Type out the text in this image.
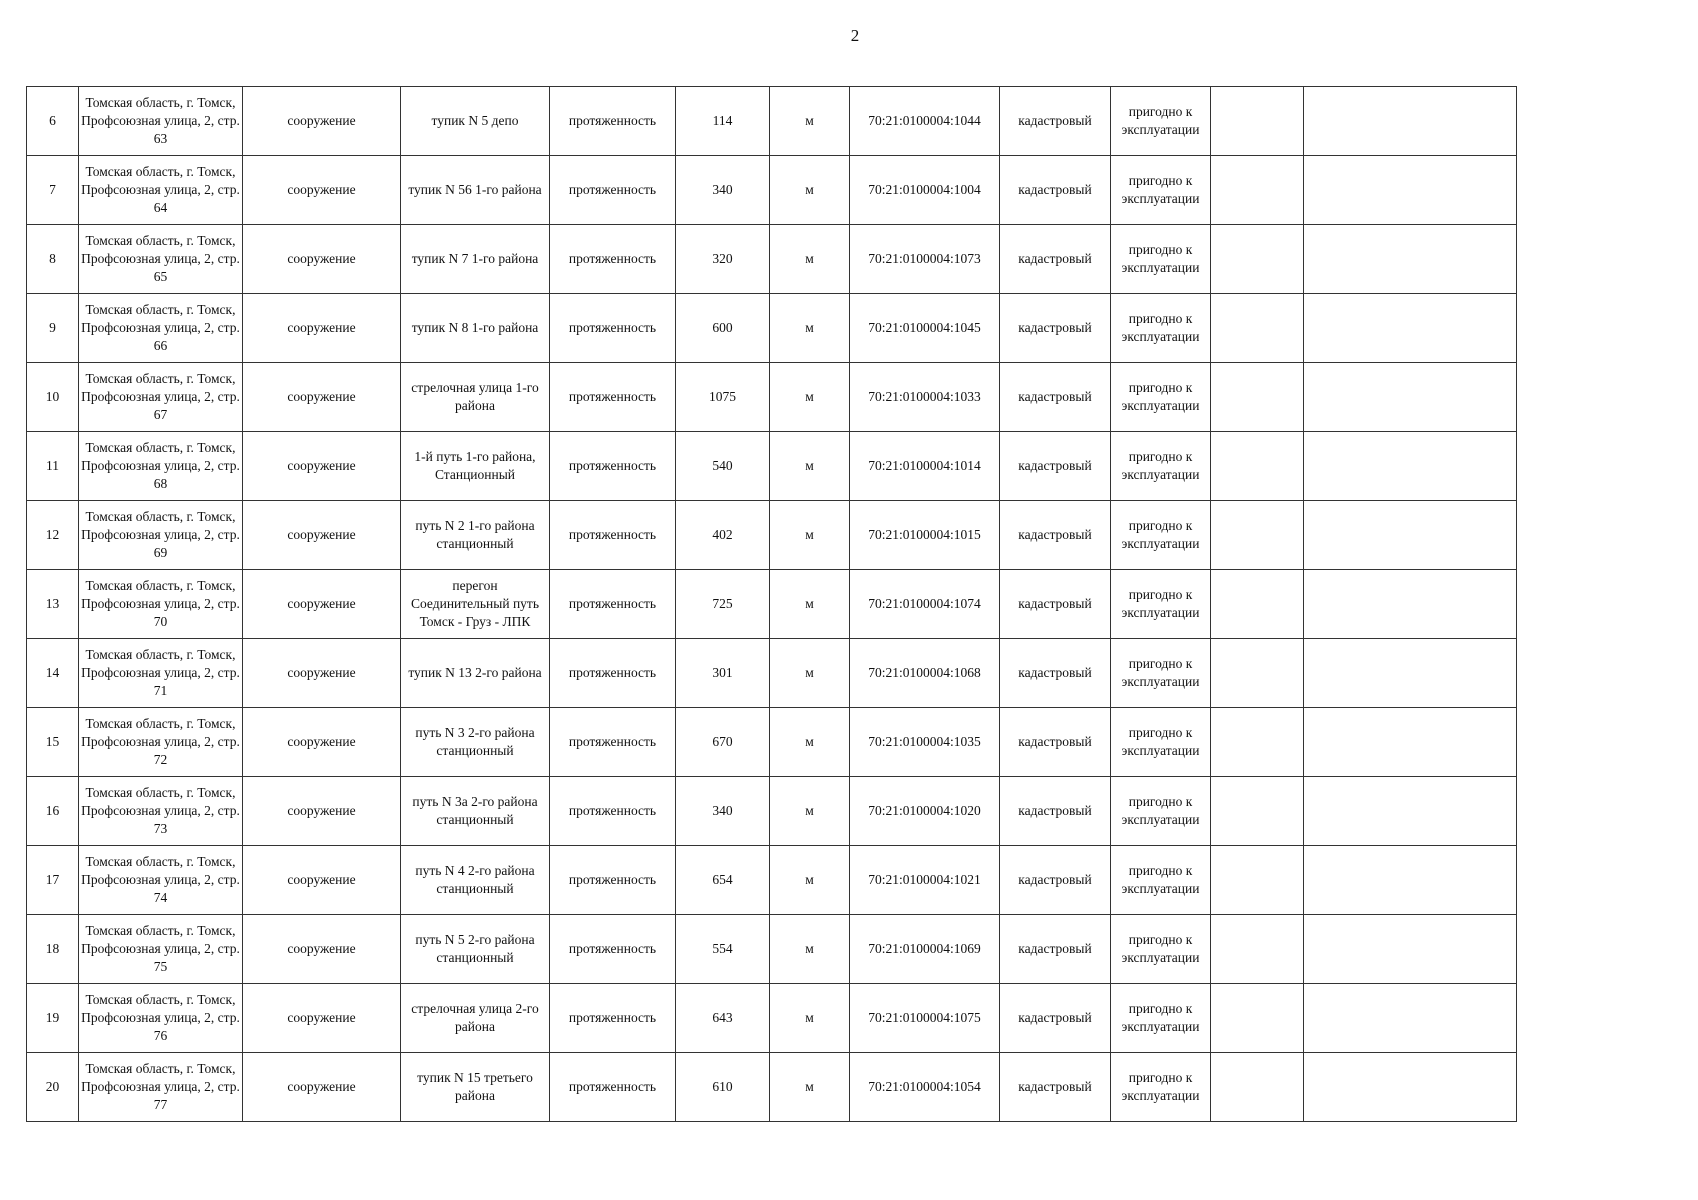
2
6	Томская область, г. Томск, Профсоюзная улица, 2, стр. 63	сооружение	тупик N 5 депо	протяженность	114	м	70:21:0100004:1044	кадастровый	пригодно к эксплуатации		
7	Томская область, г. Томск, Профсоюзная улица, 2, стр. 64	сооружение	тупик N 56 1-го района	протяженность	340	м	70:21:0100004:1004	кадастровый	пригодно к эксплуатации		
8	Томская область, г. Томск, Профсоюзная улица, 2, стр. 65	сооружение	тупик N 7 1-го района	протяженность	320	м	70:21:0100004:1073	кадастровый	пригодно к эксплуатации		
9	Томская область, г. Томск, Профсоюзная улица, 2, стр. 66	сооружение	тупик N 8 1-го района	протяженность	600	м	70:21:0100004:1045	кадастровый	пригодно к эксплуатации		
10	Томская область, г. Томск, Профсоюзная улица, 2, стр. 67	сооружение	стрелочная улица 1-го района	протяженность	1075	м	70:21:0100004:1033	кадастровый	пригодно к эксплуатации		
11	Томская область, г. Томск, Профсоюзная улица, 2, стр. 68	сооружение	1-й путь 1-го района, Станционный	протяженность	540	м	70:21:0100004:1014	кадастровый	пригодно к эксплуатации		
12	Томская область, г. Томск, Профсоюзная улица, 2, стр. 69	сооружение	путь N 2 1-го района станционный	протяженность	402	м	70:21:0100004:1015	кадастровый	пригодно к эксплуатации		
13	Томская область, г. Томск, Профсоюзная улица, 2, стр. 70	сооружение	перегон Соединительный путь Томск - Груз - ЛПК	протяженность	725	м	70:21:0100004:1074	кадастровый	пригодно к эксплуатации		
14	Томская область, г. Томск, Профсоюзная улица, 2, стр. 71	сооружение	тупик N 13 2-го района	протяженность	301	м	70:21:0100004:1068	кадастровый	пригодно к эксплуатации		
15	Томская область, г. Томск, Профсоюзная улица, 2, стр. 72	сооружение	путь N 3 2-го района станционный	протяженность	670	м	70:21:0100004:1035	кадастровый	пригодно к эксплуатации		
16	Томская область, г. Томск, Профсоюзная улица, 2, стр. 73	сооружение	путь N 3а 2-го района станционный	протяженность	340	м	70:21:0100004:1020	кадастровый	пригодно к эксплуатации		
17	Томская область, г. Томск, Профсоюзная улица, 2, стр. 74	сооружение	путь N 4 2-го района станционный	протяженность	654	м	70:21:0100004:1021	кадастровый	пригодно к эксплуатации		
18	Томская область, г. Томск, Профсоюзная улица, 2, стр. 75	сооружение	путь N 5 2-го района станционный	протяженность	554	м	70:21:0100004:1069	кадастровый	пригодно к эксплуатации		
19	Томская область, г. Томск, Профсоюзная улица, 2, стр. 76	сооружение	стрелочная улица 2-го района	протяженность	643	м	70:21:0100004:1075	кадастровый	пригодно к эксплуатации		
20	Томская область, г. Томск, Профсоюзная улица, 2, стр. 77	сооружение	тупик N 15 третьего района	протяженность	610	м	70:21:0100004:1054	кадастровый	пригодно к эксплуатации		
